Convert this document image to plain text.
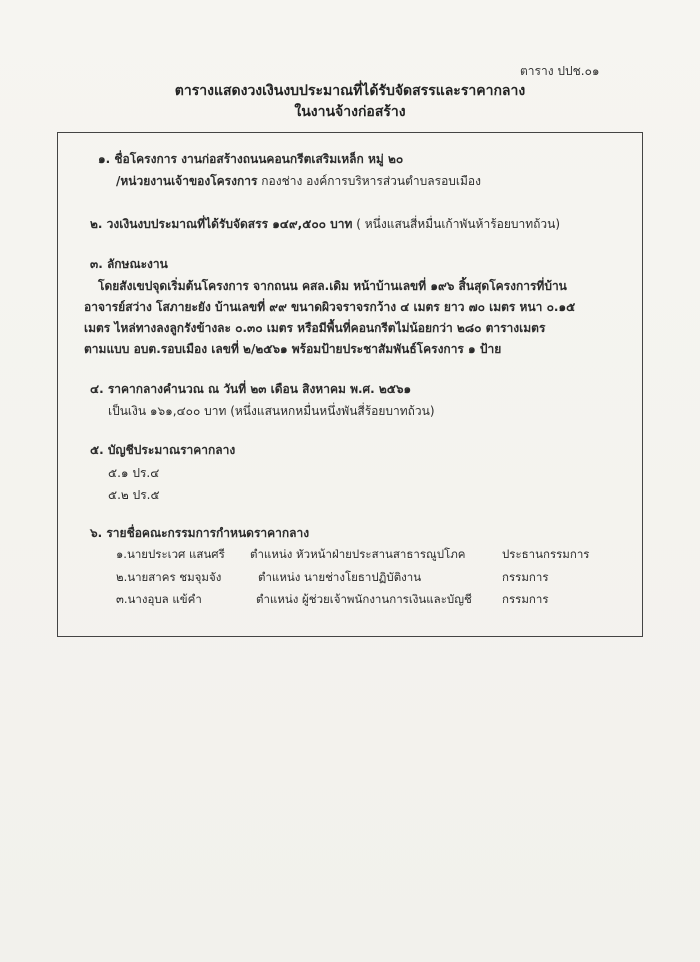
ตาราง ปปช.๐๑
ตารางแสดงวงเงินงบประมาณที่ได้รับจัดสรรและราคากลาง
ในงานจ้างก่อสร้าง
๑. ชื่อโครงการ งานก่อสร้างถนนคอนกรีตเสริมเหล็ก หมู่ ๒๐
/หน่วยงานเจ้าของโครงการ กองช่าง องค์การบริหารส่วนตำบลรอบเมือง
๒. วงเงินงบประมาณที่ได้รับจัดสรร ๑๔๙,๕๐๐ บาท ( หนึ่งแสนสี่หมื่นเก้าพันห้าร้อยบาทถ้วน)
๓. ลักษณะงาน
โดยสังเขปจุดเริ่มต้นโครงการ จากถนน คสล.เดิม หน้าบ้านเลขที่ ๑๙๖ สิ้นสุดโครงการที่บ้าน
อาจารย์สว่าง โสภายะยัง บ้านเลขที่ ๙๙ ขนาดผิวจราจรกว้าง ๔ เมตร ยาว ๗๐ เมตร หนา ๐.๑๕
เมตร ไหล่ทางลงลูกรังข้างละ ๐.๓๐ เมตร หรือมีพื้นที่คอนกรีตไม่น้อยกว่า ๒๘๐ ตารางเมตร
ตามแบบ อบต.รอบเมือง เลขที่ ๒/๒๕๖๑ พร้อมป้ายประชาสัมพันธ์โครงการ ๑ ป้าย
๔. ราคากลางคำนวณ ณ วันที่ ๒๓ เดือน สิงหาคม พ.ศ. ๒๕๖๑
เป็นเงิน ๑๖๑,๔๐๐ บาท (หนึ่งแสนหกหมื่นหนึ่งพันสี่ร้อยบาทถ้วน)
๕. บัญชีประมาณราคากลาง
๕.๑ ปร.๔
๕.๒ ปร.๕
๖. รายชื่อคณะกรรมการกำหนดราคากลาง
๑.นายประเวศ แสนศรี ตำแหน่ง หัวหน้าฝ่ายประสานสาธารณูปโภค	ประธานกรรมการ
๒.นายสาคร ชมจุมจัง	ตำแหน่ง นายช่างโยธาปฏิบัติงาน	กรรมการ
๓.นางอุบล แข้คำ	ตำแหน่ง ผู้ช่วยเจ้าพนักงานการเงินและบัญชี	กรรมการ
